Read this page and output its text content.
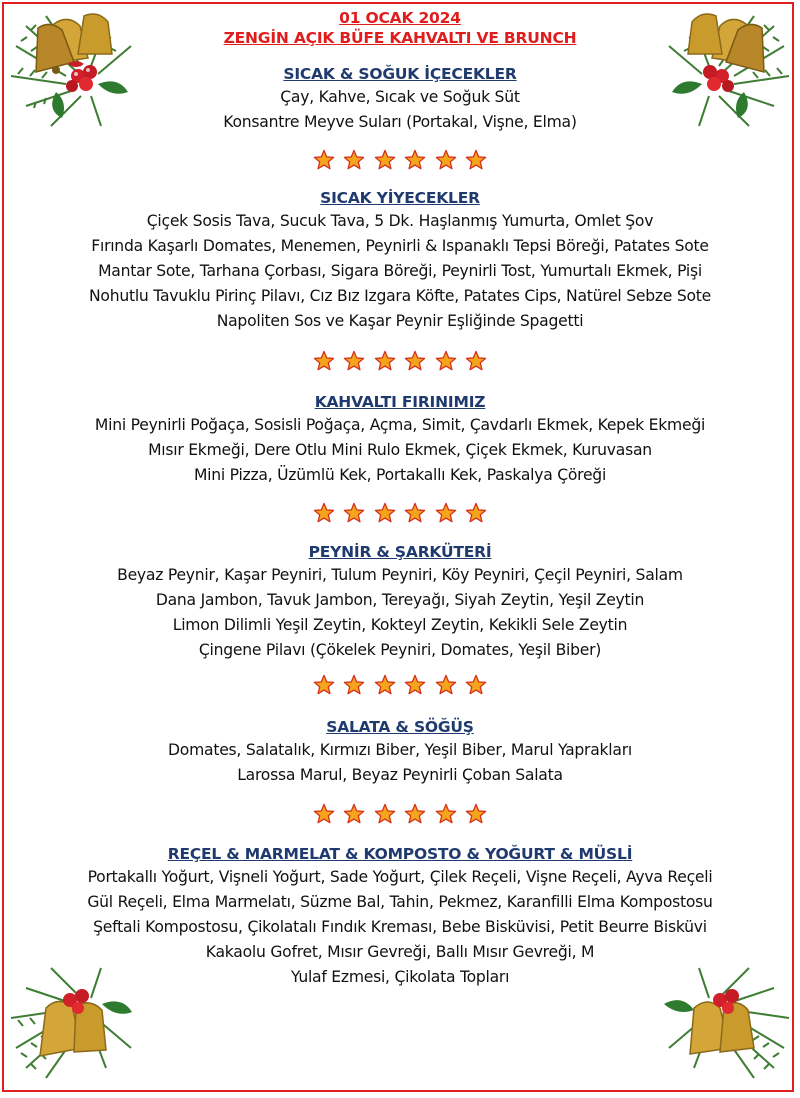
01 OCAK 2024
ZENGİN AÇIK BÜFE KAHVALTI VE BRUNCH
SICAK & SOĞUK İÇECEKLER
Çay, Kahve, Sıcak ve Soğuk Süt
Konsantre Meyve Suları (Portakal, Vişne, Elma)
SICAK YİYECEKLER
Çiçek Sosis Tava, Sucuk Tava, 5 Dk. Haşlanmış Yumurta, Omlet Şov
Fırında Kaşarlı Domates, Menemen, Peynirli & Ispanaklı Tepsi Böreği, Patates Sote
Mantar Sote, Tarhana Çorbası, Sigara Böreği, Peynirli Tost, Yumurtalı Ekmek, Pişi
Nohutlu Tavuklu Pirinç Pilavı, Cız Bız Izgara Köfte, Patates Cips, Natürel Sebze Sote
Napoliten Sos ve Kaşar Peynir Eşliğinde Spagetti
KAHVALTI FIRINIMIZ
Mini Peynirli Poğaça, Sosisli Poğaça, Açma, Simit, Çavdarlı Ekmek, Kepek Ekmeği
Mısır Ekmeği, Dere Otlu Mini Rulo Ekmek, Çiçek Ekmek, Kuruvasan
Mini Pizza, Üzümlü Kek, Portakallı Kek, Paskalya Çöreği
PEYNİR & ŞARKÜTERİ
Beyaz Peynir, Kaşar Peyniri, Tulum Peyniri, Köy Peyniri, Çeçil Peyniri, Salam
Dana Jambon, Tavuk Jambon, Tereyağı, Siyah Zeytin, Yeşil Zeytin
Limon Dilimli Yeşil Zeytin, Kokteyl Zeytin, Kekikli Sele Zeytin
Çingene Pilavı (Çökelek Peyniri, Domates, Yeşil Biber)
SALATA & SÖĞÜŞ
Domates, Salatalık, Kırmızı Biber, Yeşil Biber, Marul Yaprakları
Larossa Marul, Beyaz Peynirli Çoban Salata
REÇEL & MARMELAT & KOMPOSTO & YOĞURT & MÜSLİ
Portakallı Yoğurt, Vişneli Yoğurt, Sade Yoğurt, Çilek Reçeli, Vişne Reçeli, Ayva Reçeli
Gül Reçeli, Elma Marmelatı, Süzme Bal, Tahin, Pekmez, Karanfilli Elma Kompostosu
Şeftali Kompostosu, Çikolatalı Fındık Kreması, Bebe Bisküvisi, Petit Beurre Bisküvi
Kakaolu Gofret, Mısır Gevreği, Ballı Mısır Gevreği, M
Yulaf Ezmesi, Çikolata Topları
